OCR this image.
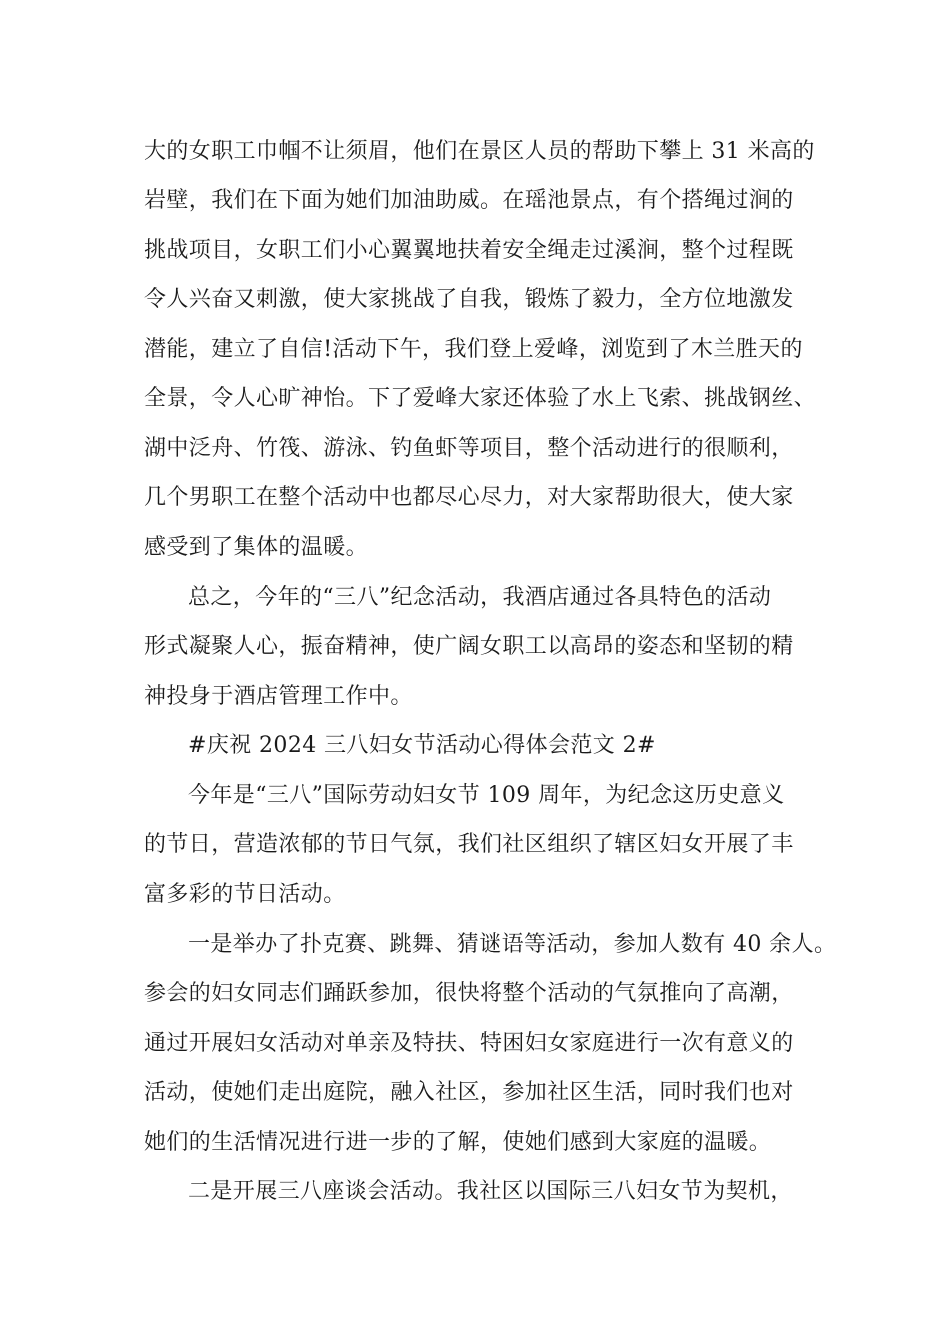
大的女职工巾帼不让须眉，他们在景区人员的帮助下攀上 31 米高的

岩壁，我们在下面为她们加油助威。在瑶池景点，有个搭绳过涧的

挑战项目，女职工们小心翼翼地扶着安全绳走过溪涧，整个过程既

令人兴奋又刺激，使大家挑战了自我，锻炼了毅力，全方位地激发

潜能，建立了自信!活动下午，我们登上爱峰，浏览到了木兰胜天的

全景，令人心旷神怡。下了爱峰大家还体验了水上飞索、挑战钢丝、

湖中泛舟、竹筏、游泳、钓鱼虾等项目，整个活动进行的很顺利，

几个男职工在整个活动中也都尽心尽力，对大家帮助很大，使大家

感受到了集体的温暖。

总之，今年的“三八”纪念活动，我酒店通过各具特色的活动

形式凝聚人心，振奋精神，使广阔女职工以高昂的姿态和坚韧的精

神投身于酒店管理工作中。

#庆祝 2024 三八妇女节活动心得体会范文 2#

今年是“三八”国际劳动妇女节 109 周年，为纪念这历史意义

的节日，营造浓郁的节日气氛，我们社区组织了辖区妇女开展了丰

富多彩的节日活动。

一是举办了扑克赛、跳舞、猜谜语等活动，参加人数有 40 余人。

参会的妇女同志们踊跃参加，很快将整个活动的气氛推向了高潮，

通过开展妇女活动对单亲及特扶、特困妇女家庭进行一次有意义的

活动，使她们走出庭院，融入社区，参加社区生活，同时我们也对

她们的生活情况进行进一步的了解，使她们感到大家庭的温暖。

二是开展三八座谈会活动。我社区以国际三八妇女节为契机，
